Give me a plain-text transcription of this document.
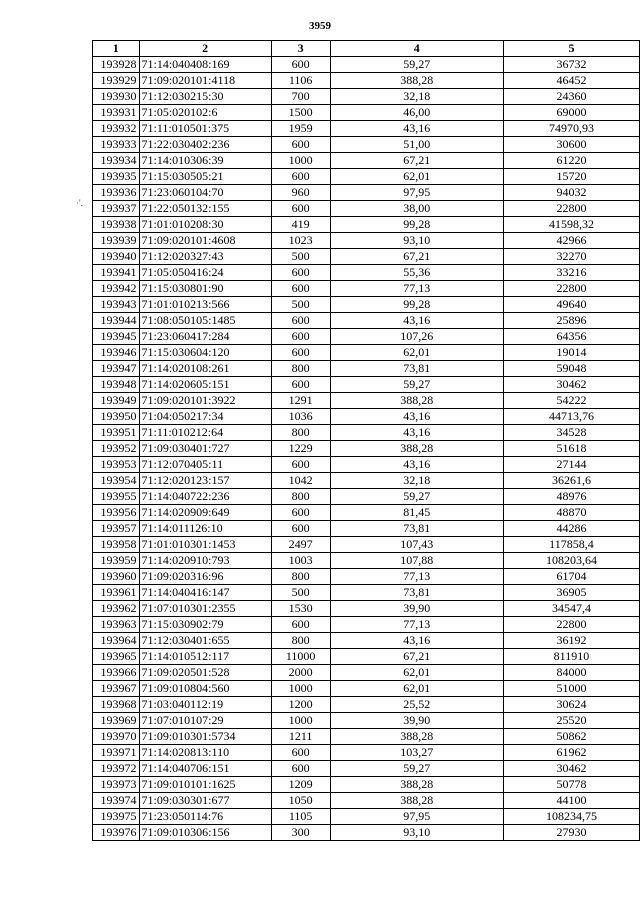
3959
·'.
1	2	3	4	5
193928	71:14:040408:169	600	59,27	36732
193929	71:09:020101:4118	1106	388,28	46452
193930	71:12:030215:30	700	32,18	24360
193931	71:05:020102:6	1500	46,00	69000
193932	71:11:010501:375	1959	43,16	74970,93
193933	71:22:030402:236	600	51,00	30600
193934	71:14:010306:39	1000	67,21	61220
193935	71:15:030505:21	600	62,01	15720
193936	71:23:060104:70	960	97,95	94032
193937	71:22:050132:155	600	38,00	22800
193938	71:01:010208:30	419	99,28	41598,32
193939	71:09:020101:4608	1023	93,10	42966
193940	71:12:020327:43	500	67,21	32270
193941	71:05:050416:24	600	55,36	33216
193942	71:15:030801:90	600	77,13	22800
193943	71:01:010213:566	500	99,28	49640
193944	71:08:050105:1485	600	43,16	25896
193945	71:23:060417:284	600	107,26	64356
193946	71:15:030604:120	600	62,01	19014
193947	71:14:020108:261	800	73,81	59048
193948	71:14:020605:151	600	59,27	30462
193949	71:09:020101:3922	1291	388,28	54222
193950	71:04:050217:34	1036	43,16	44713,76
193951	71:11:010212:64	800	43,16	34528
193952	71:09:030401:727	1229	388,28	51618
193953	71:12:070405:11	600	43,16	27144
193954	71:12:020123:157	1042	32,18	36261,6
193955	71:14:040722:236	800	59,27	48976
193956	71:14:020909:649	600	81,45	48870
193957	71:14:011126:10	600	73,81	44286
193958	71:01:010301:1453	2497	107,43	117858,4
193959	71:14:020910:793	1003	107,88	108203,64
193960	71:09:020316:96	800	77,13	61704
193961	71:14:040416:147	500	73,81	36905
193962	71:07:010301:2355	1530	39,90	34547,4
193963	71:15:030902:79	600	77,13	22800
193964	71:12:030401:655	800	43,16	36192
193965	71:14:010512:117	11000	67,21	811910
193966	71:09:020501:528	2000	62,01	84000
193967	71:09:010804:560	1000	62,01	51000
193968	71:03:040112:19	1200	25,52	30624
193969	71:07:010107:29	1000	39,90	25520
193970	71:09:010301:5734	1211	388,28	50862
193971	71:14:020813:110	600	103,27	61962
193972	71:14:040706:151	600	59,27	30462
193973	71:09:010101:1625	1209	388,28	50778
193974	71:09:030301:677	1050	388,28	44100
193975	71:23:050114:76	1105	97,95	108234,75
193976	71:09:010306:156	300	93,10	27930
